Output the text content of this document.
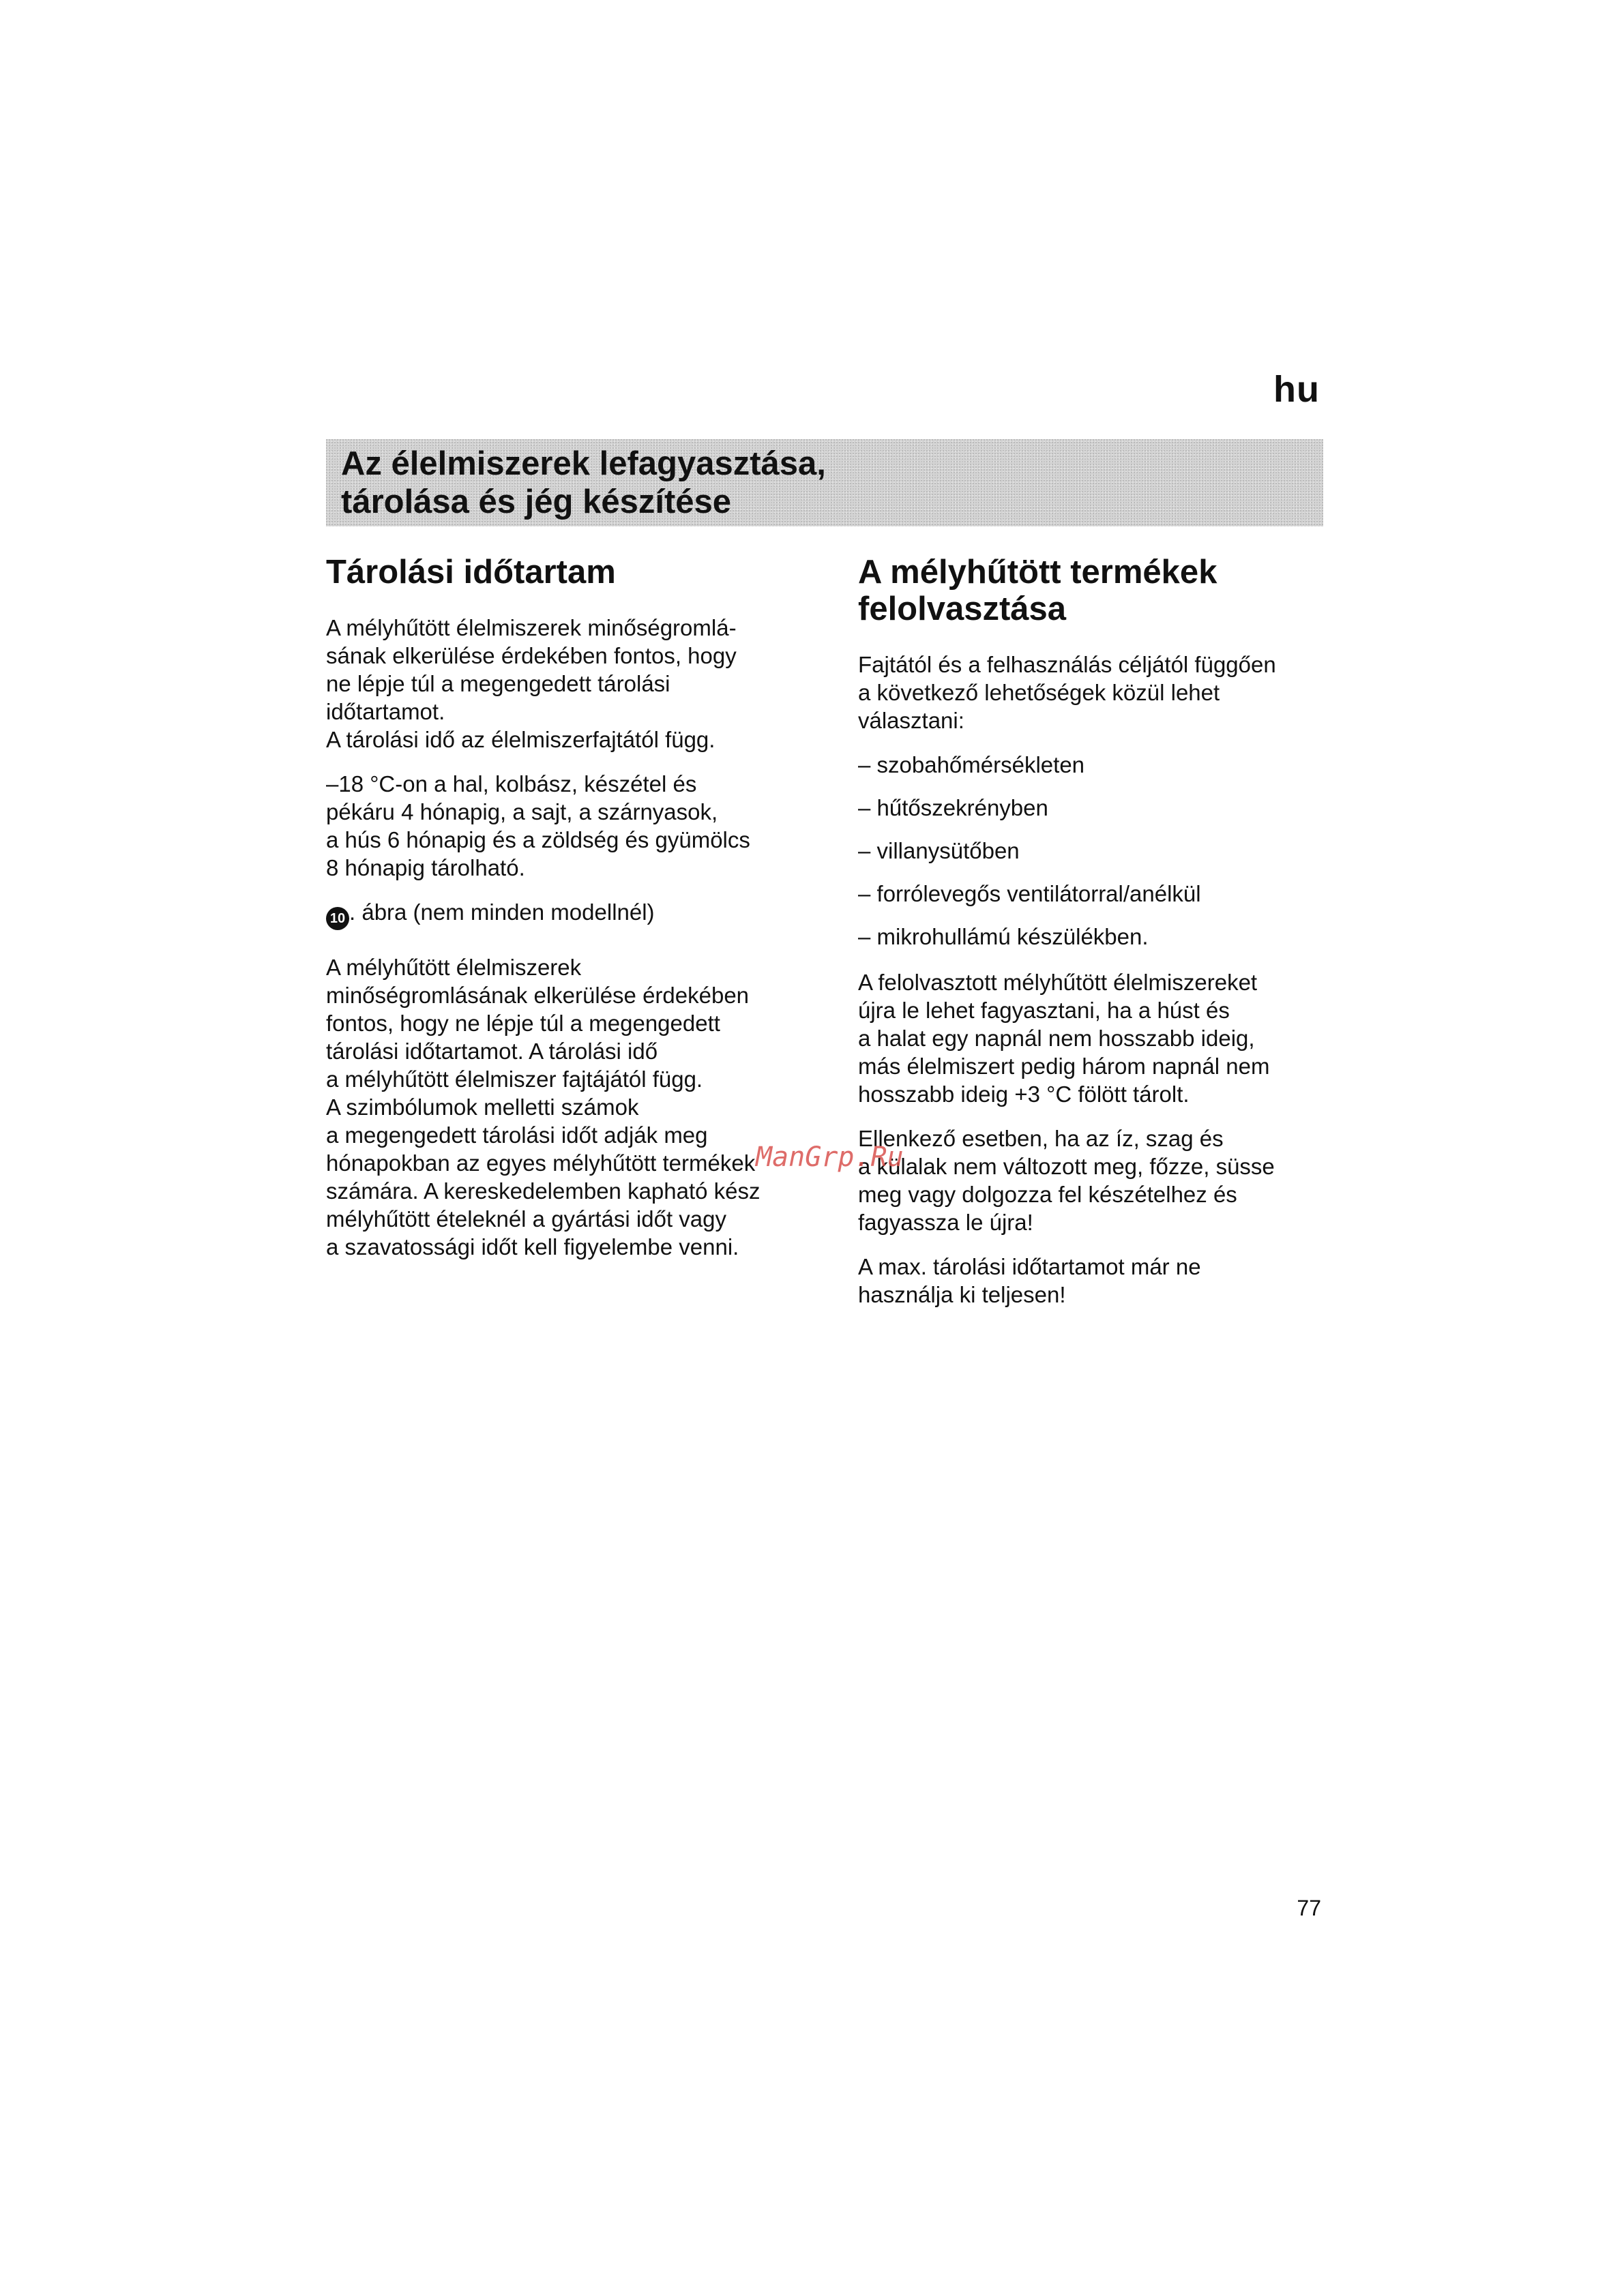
hu
Az élelmiszerek lefagyasztása,
tárolása és jég készítése
Tárolási időtartam
A mélyhűtött élelmiszerek minőségromlá-
sának elkerülése érdekében fontos, hogy
ne lépje túl a megengedett tárolási
időtartamot.
A tárolási idő az élelmiszerfajtától függ.
–18 °C-on a hal, kolbász, készétel és
pékáru 4 hónapig, a sajt, a szárnyasok,
a hús 6 hónapig és a zöldség és gyümölcs
8 hónapig tárolható.
10 . ábra (nem minden modellnél)
A mélyhűtött élelmiszerek
minőségromlásának elkerülése érdekében
fontos, hogy ne lépje túl a megengedett
tárolási időtartamot. A tárolási idő
a mélyhűtött élelmiszer fajtájától függ.
A szimbólumok melletti számok
a megengedett tárolási időt adják meg
hónapokban az egyes mélyhűtött termékek
számára. A kereskedelemben kapható kész
mélyhűtött ételeknél a gyártási időt vagy
a szavatossági időt kell figyelembe venni.
A mélyhűtött termékek
felolvasztása
Fajtától és a felhasználás céljától függően
a következő lehetőségek közül lehet
választani:
– szobahőmérsékleten
– hűtőszekrényben
– villanysütőben
– forrólevegős ventilátorral/anélkül
– mikrohullámú készülékben.
A felolvasztott mélyhűtött élelmiszereket
újra le lehet fagyasztani, ha a húst és
a halat egy napnál nem hosszabb ideig,
más élelmiszert pedig három napnál nem
hosszabb ideig +3 °C fölött tárolt.
Ellenkező esetben, ha az íz, szag és
a külalak nem változott meg, főzze, süsse
meg vagy dolgozza fel készételhez és
fagyassza le újra!
A max. tárolási időtartamot már ne
használja ki teljesen!
ManGrp.Ru
77
